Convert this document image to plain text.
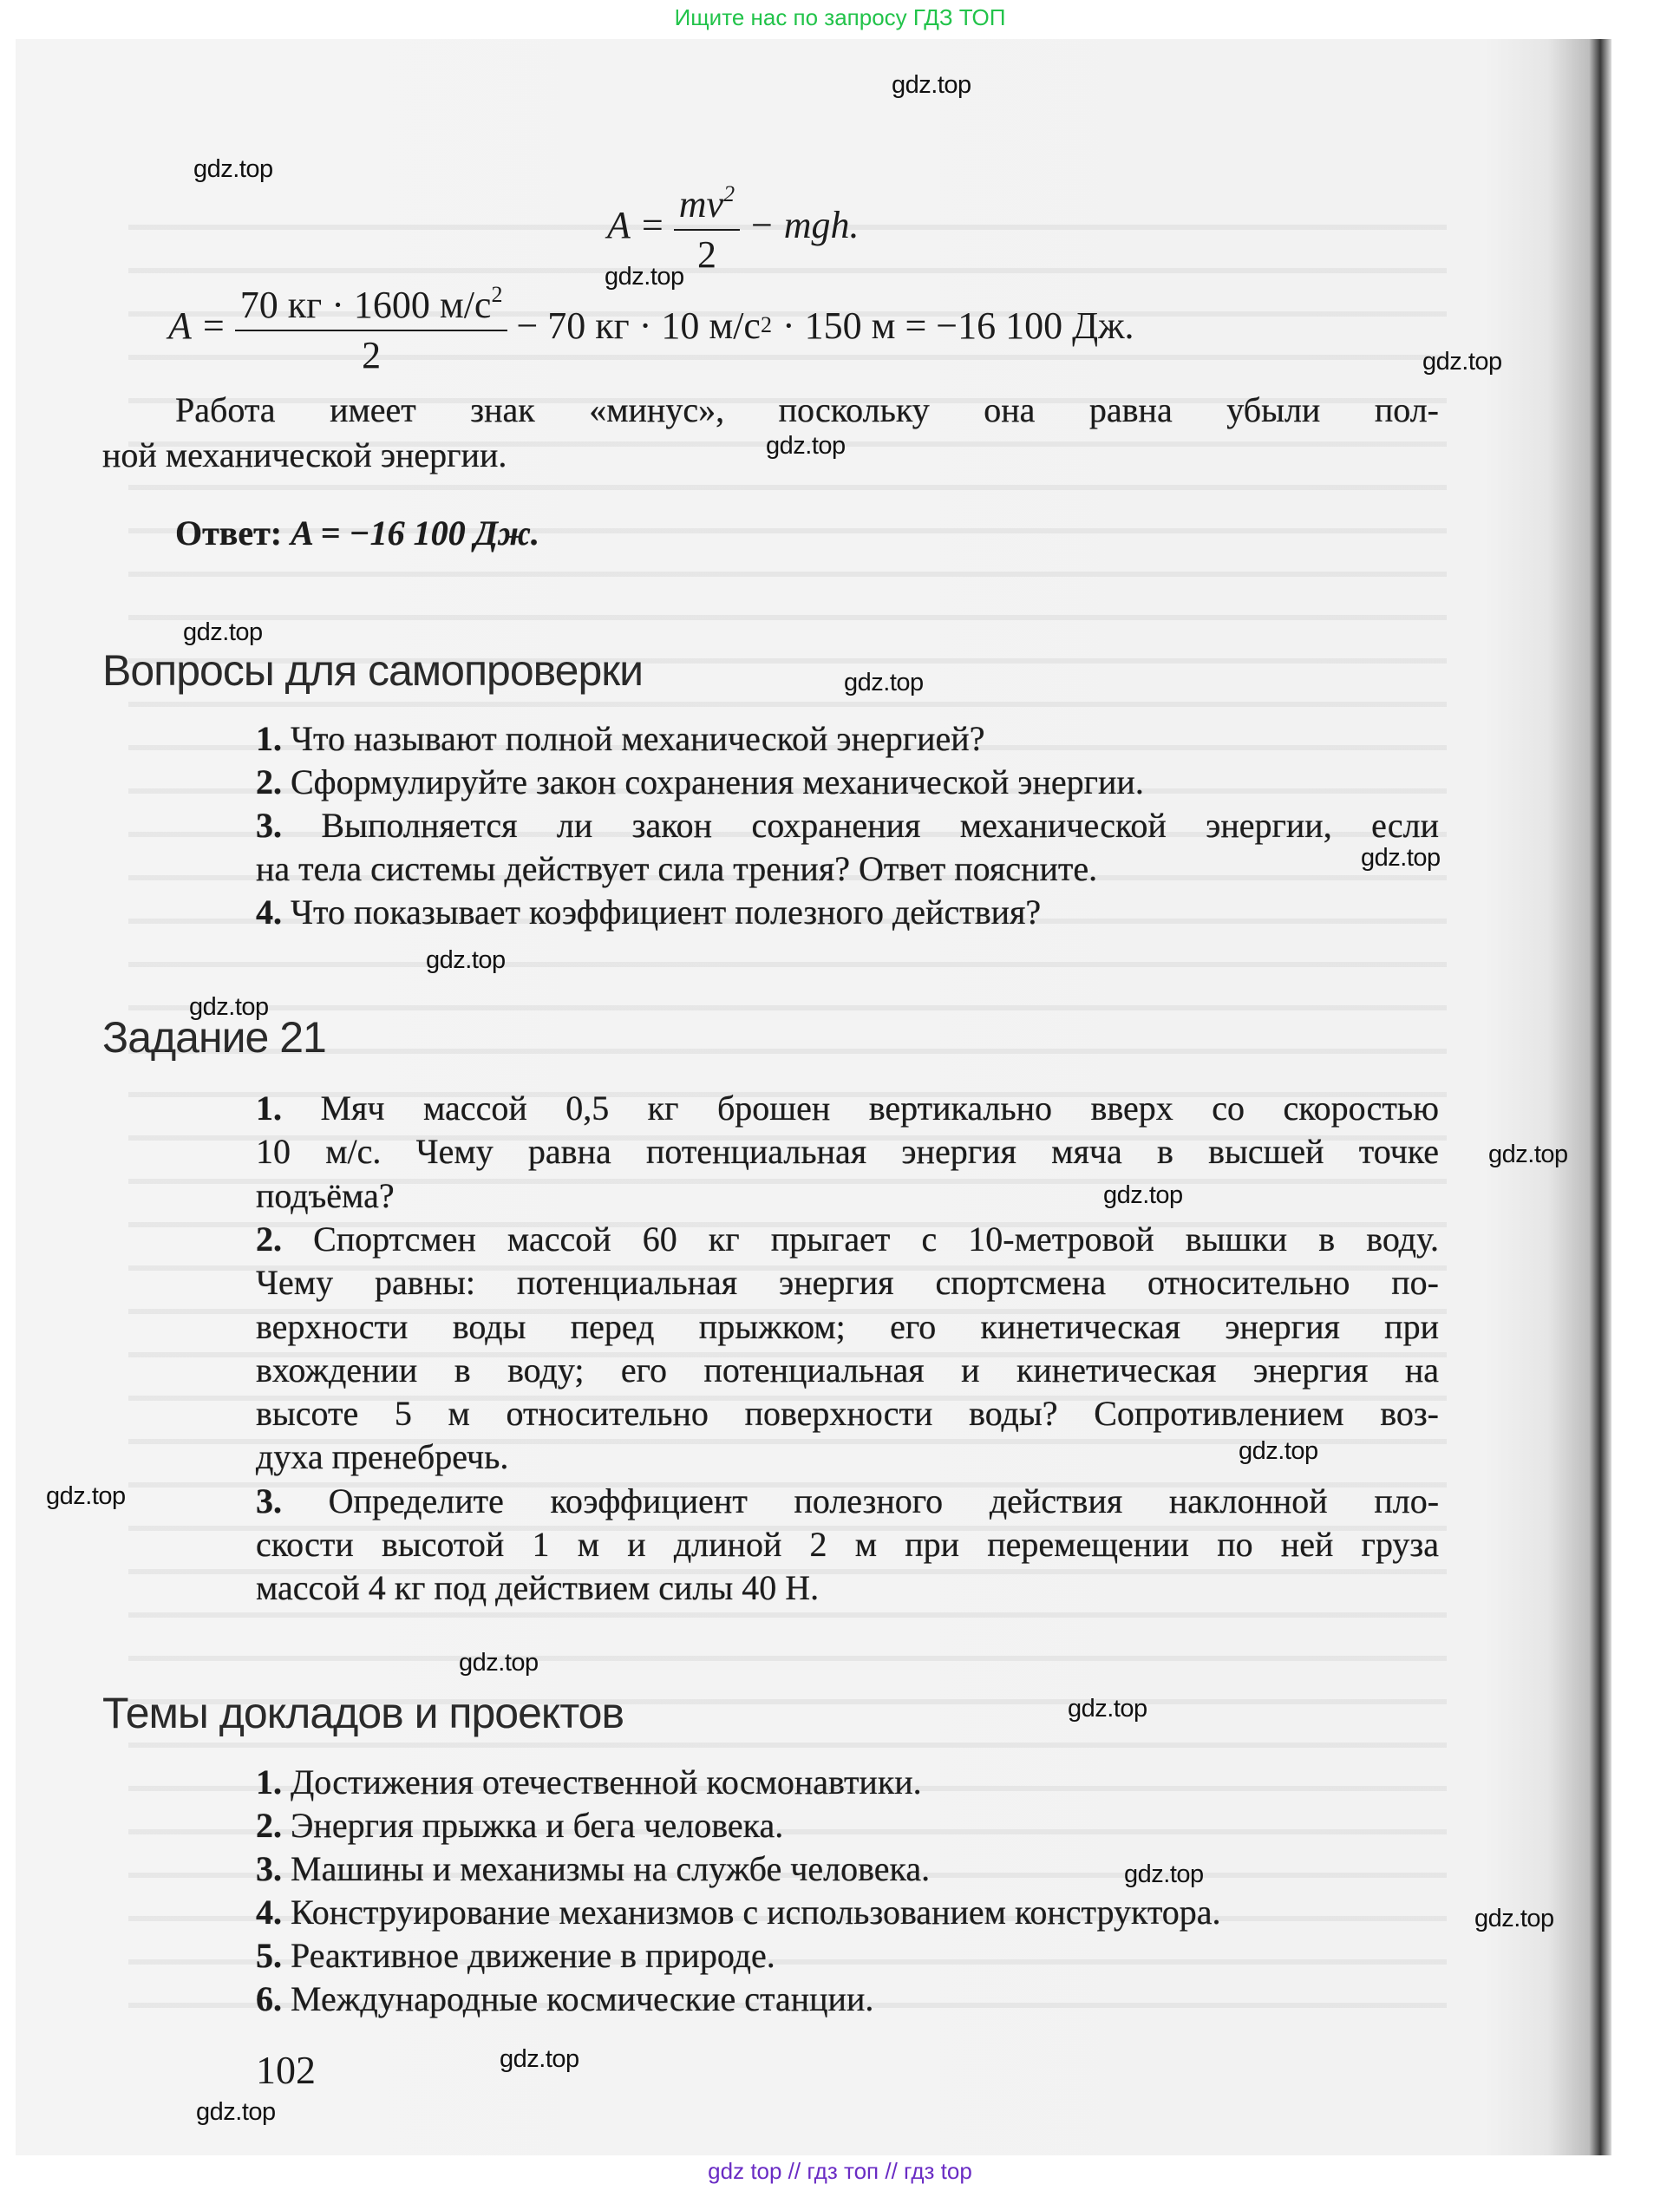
Ищите нас по запросу ГДЗ ТОП
$A = \frac{mv^2}{2}$ − mgh.
$A = \frac{70 кг \cdot 1600 м/с^2}{2} - 70$ кг · 10 м/с 2 · 150 м = −16 100 Дж.
Работа имеет знак «минус», поскольку она равна убыли пол-
ной механической энергии.
1. Что называют полной механической энергией?
2. Сформулируйте закон сохранения механической энергии.
3. Выполняется ли закон сохранения механической энергии, если
на тела системы действует сила трения? Ответ поясните.
4. Что показывает коэффициент полезного действия?
1. Мяч массой 0,5 кг брошен вертикально вверх со скоростью
10 м/с. Чему равна потенциальная энергия мяча в высшей точке
подъёма?
2. Спортсмен массой 60 кг прыгает с 10-метровой вышки в воду.
Чему равны: потенциальная энергия спортсмена относительно по-
верхности воды перед прыжком; его кинетическая энергия при
вхождении в воду; его потенциальная и кинетическая энергия на
высоте 5 м относительно поверхности воды? Сопротивлением воз-
духа пренебречь.
3. Определите коэффициент полезного действия наклонной пло-
скости высотой 1 м и длиной 2 м при перемещении по ней груза
массой 4 кг под действием силы 40 Н.
1. Достижения отечественной космонавтики.
2. Энергия прыжка и бега человека.
3. Машины и механизмы на службе человека.
4. Конструирование механизмов с использованием конструктора.
5. Реактивное движение в природе.
6. Международные космические станции.
Ответ: A = −16 100 Дж.
Вопросы для самопроверки
Задание 21
Темы докладов и проектов
102
gdz top // гдз топ // гдз top
gdz.top
gdz.top
gdz.top
gdz.top
gdz.top
gdz.top
gdz.top
gdz.top
gdz.top
gdz.top
gdz.top
gdz.top
gdz.top
gdz.top
gdz.top
gdz.top
gdz.top
gdz.top
gdz.top
gdz.top
